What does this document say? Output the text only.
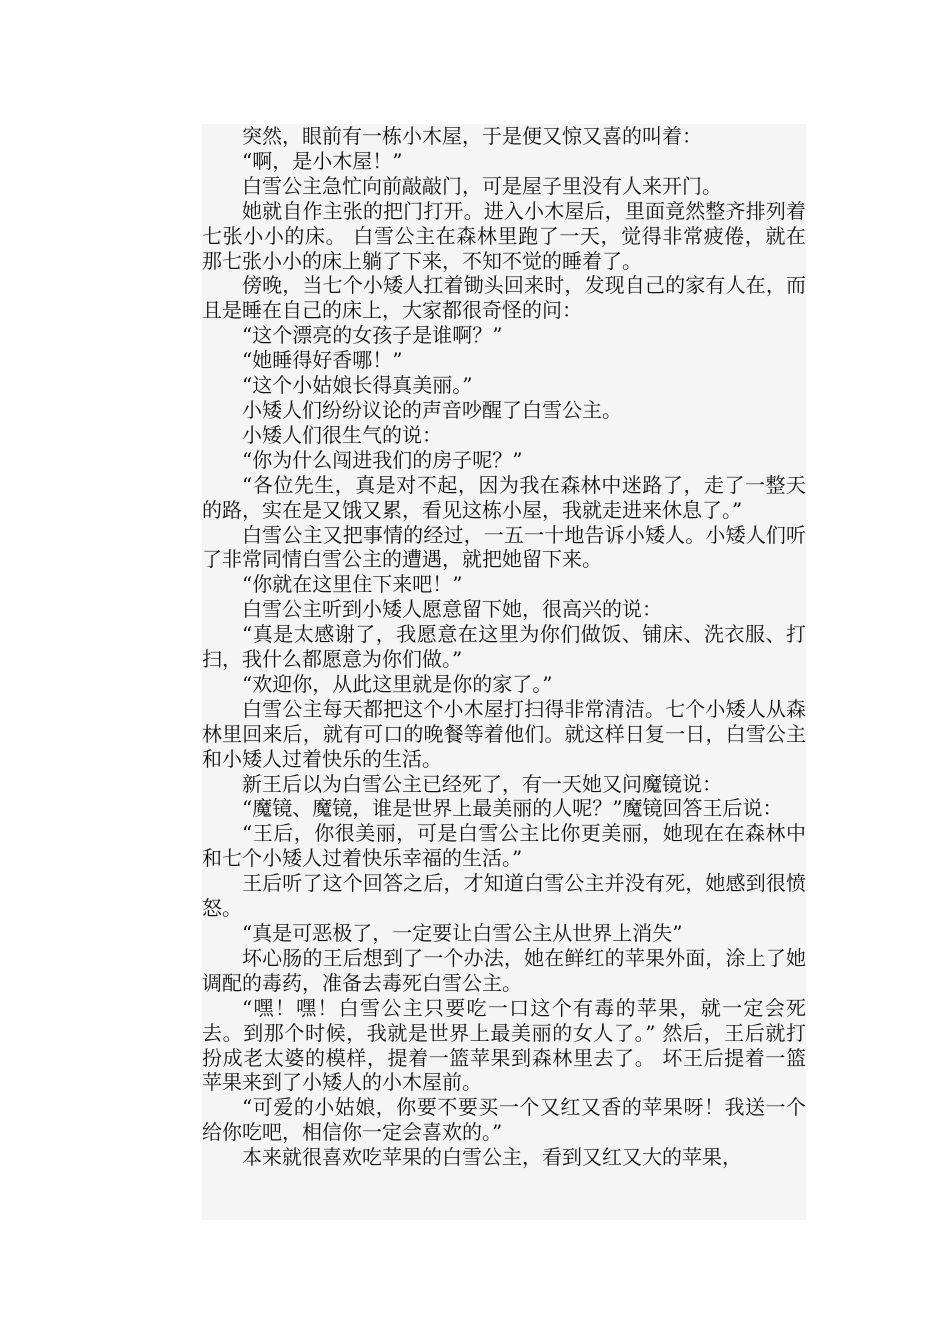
突然，眼前有一栋小木屋，于是便又惊又喜的叫着：

“啊，是小木屋！”

白雪公主急忙向前敲敲门，可是屋子里没有人来开门。

她就自作主张的把门打开。进入小木屋后，里面竟然整齐排列着七张小小的床。 白雪公主在森林里跑了一天，觉得非常疲倦，就在那七张小小的床上躺了下来，不知不觉的睡着了。

傍晚，当七个小矮人扛着锄头回来时，发现自己的家有人在，而且是睡在自己的床上，大家都很奇怪的问：

“这个漂亮的女孩子是谁啊？”

“她睡得好香哪！”

“这个小姑娘长得真美丽。”

小矮人们纷纷议论的声音吵醒了白雪公主。

小矮人们很生气的说：

“你为什么闯进我们的房子呢？”

“各位先生，真是对不起，因为我在森林中迷路了，走了一整天的路，实在是又饿又累，看见这栋小屋，我就走进来休息了。”

白雪公主又把事情的经过，一五一十地告诉小矮人。小矮人们听了非常同情白雪公主的遭遇，就把她留下来。

“你就在这里住下来吧！”

白雪公主听到小矮人愿意留下她，很高兴的说：

“真是太感谢了，我愿意在这里为你们做饭、铺床、洗衣服、打扫，我什么都愿意为你们做。”

“欢迎你，从此这里就是你的家了。”

白雪公主每天都把这个小木屋打扫得非常清洁。七个小矮人从森林里回来后，就有可口的晚餐等着他们。就这样日复一日，白雪公主和小矮人过着快乐的生活。

新王后以为白雪公主已经死了，有一天她又问魔镜说：

“魔镜、魔镜，谁是世界上最美丽的人呢？”魔镜回答王后说：

“王后，你很美丽，可是白雪公主比你更美丽，她现在在森林中和七个小矮人过着快乐幸福的生活。”

王后听了这个回答之后，才知道白雪公主并没有死，她感到很愤怒。

“真是可恶极了，一定要让白雪公主从世界上消失”

坏心肠的王后想到了一个办法，她在鲜红的苹果外面，涂上了她调配的毒药，准备去毒死白雪公主。

“嘿！嘿！白雪公主只要吃一口这个有毒的苹果，就一定会死去。到那个时候，我就是世界上最美丽的女人了。” 然后，王后就打扮成老太婆的模样，提着一篮苹果到森林里去了。 坏王后提着一篮苹果来到了小矮人的小木屋前。

“可爱的小姑娘，你要不要买一个又红又香的苹果呀！我送一个给你吃吧，相信你一定会喜欢的。”

本来就很喜欢吃苹果的白雪公主，看到又红又大的苹果，
